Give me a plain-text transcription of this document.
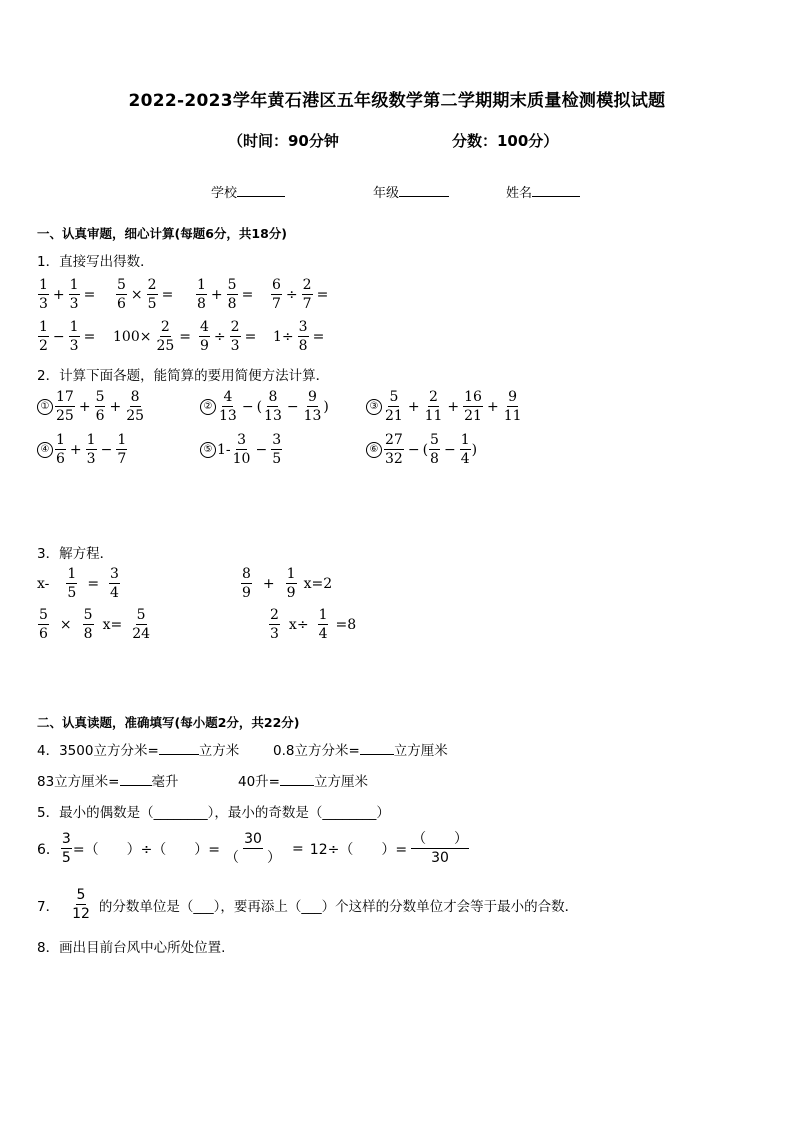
2022-2023学年黄石港区五年级数学第二学期期末质量检测模拟试题
（时间：90分钟	分数：100分）
学校	年级	姓名
一、认真审题，细心计算(每题6分，共18分)
1．直接写出得数．
$\frac{1}{3} + \frac{1}{3} = \frac{5}{6} \times \frac{2}{5} = \frac{1}{8} + \frac{5}{8} = \frac{6}{7} \div \frac{2}{7}$ =
$\frac{1}{2} - \frac{1}{3} = 100\times \frac{2}{25} = \frac{4}{9} \div \frac{2}{3} = 1\div \frac{3}{8}$ =
2．计算下面各题，能简算的要用简便方法计算．
① $\frac{17}{25} + \frac{5}{6} + \frac{8}{25}$	② $\frac{4}{13}$ − ( $\frac{8}{13} - \frac{9}{13}$ )	③ $\frac{5}{21} + \frac{2}{11} + \frac{16}{21} + \frac{9}{11}$
④ $\frac{1}{6} + \frac{1}{3} - \frac{1}{7}$	⑤ $1- \frac{3}{10} - \frac{3}{5}$	⑥ $\frac{27}{32}$ − ( $\frac{5}{8} - \frac{1}{4}$ )
3．解方程．
$x- \frac{1}{5} = \frac{3}{4}$	$\frac{8}{9} + \frac{1}{9} x=2$
$\frac{5}{6} \times \frac{5}{8} x= \frac{5}{24}$	$\frac{2}{3} x\div \frac{1}{4} =8$
二、认真读题，准确填写(每小题2分，共22分)
4．3500立方分米=	立方米 0.8立方分米=	立方厘米
83立方厘米= 毫升	40升=	立方厘米
5．最小的偶数是（________），最小的奇数是（________）
6． $\frac{3}{5}$ =（　　）÷（　　）= $\frac{30}{( )} = 12\div$（　　）= $\frac{( )}{30}$
7． $\frac{5}{12}$ 的分数单位是（___），要再添上（___）个这样的分数单位才会等于最小的合数．
8．画出目前台风中心所处位置.
